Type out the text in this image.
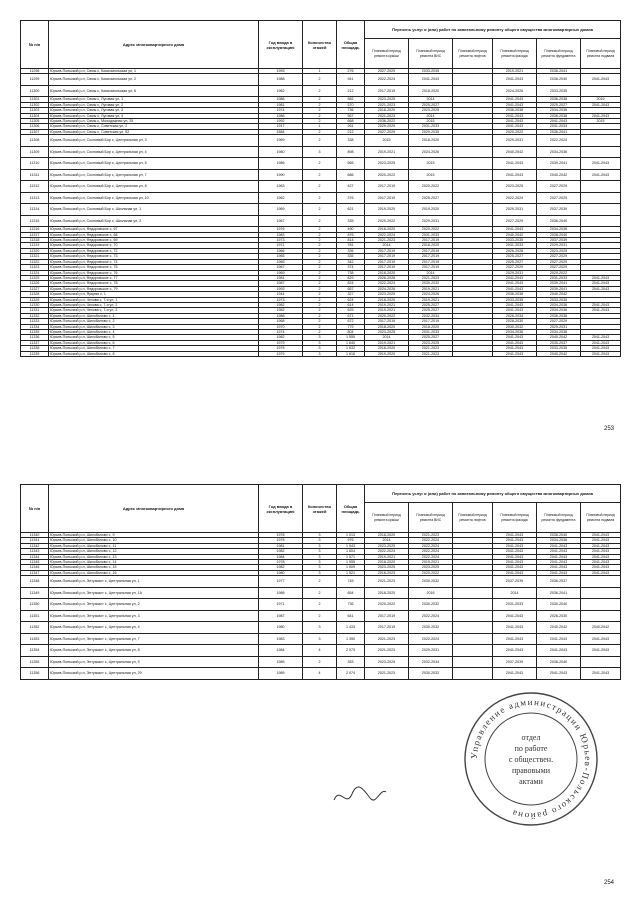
№ п/п	Адрес многоквартирного дома	Год ввода в эксплуатацию	Количество этажей	Общая площадь	Перечень услуг и (или) работ по капитальному ремонту общего имущества многоквартирных домов					
					Плановый период ремонта крыши	Плановый период ремонта ВИС	Плановый период ремонта лифтов	Плановый период ремонта фасада	Плановый период ремонта фундамента	Плановый период ремонта подвала
11298	Юрьев-Польский р-н, Симы с, Комсомольская ул, 1	1993	1	276	2027-2029	2033-2035		2019-2021	2036-2041	
11299	Юрьев-Польский р-н, Симы с, Комсомольская ул, 2	1988	2	941	2022-2024	2041-2043		2041-2043	2038-2040	2041-2043
11300	Юрьев-Польский р-н, Симы с, Комсомольская ул, 6	1962	2	212	2017-2019	2018-2020		2024-2026	2033-2035	
11301	Юрьев-Польский р-н, Симы с, Луговая ул, 1	1986	2	582	2023-2025	2014		2041-2043	2036-2038	2019
11302	Юрьев-Польский р-н, Симы с, Луговая ул, 2	1981	2	570	2021-2023	2025-2027		2041-2043	2025-2027	2041-2043
11303	Юрьев-Польский р-н, Симы с, Луговая ул, 3	1974	2	736	2018-2020	2023-2025		2036-2038	2034-2036	
11304	Юрьев-Польский р-н, Симы с, Луговая ул, 4	1986	2	567	2021-2023	2014		2041-2043	2036-2038	2041-2043
11305	Юрьев-Польский р-н, Симы с, Молодежная ул, 25	1992	2	668	2036-2022	2015		2041-2043	2041-2043	2015
11306	Юрьев-Польский р-н, Симы с, Советская ул, 2	1917	1	261	2029-2025	2031-2033		2041-2043	2031-2033	
11307	Юрьев-Польский р-н, Симы с, Советская ул, 52	1884	2	212	2027-2029	2029-2035		2020-2022	2036-2041	
11308	Юрьев-Польский р-н, Сосновый Бор с, Центральная ул, 3	1969	2	338	2015	2018-2020		2029-2031	2022-2024	
11309	Юрьев-Польский р-н, Сосновый Бор с, Центральная ул, 4	1980	3	898	2019-2021	2024-2026		2040-2042	2034-2036	
11310	Юрьев-Польский р-н, Сосновый Бор с, Центральная ул, 5	1986	2	566	2023-2025	2015		2041-2043	2039-2041	2041-2043
11311	Юрьев-Польский р-н, Сосновый Бор с, Центральная ул, 7	1990	2	686	2020-2022	2015		2041-2043	2040-2042	2041-2043
11312	Юрьев-Польский р-н, Сосновый Бор с, Центральная ул, 8	1963	2	427	2017-2019	2020-2022		2023-2025	2027-2029	
11313	Юрьев-Польский р-н, Сосновый Бор с, Центральная ул, 10	1962	2	376	2017-2019	2025-2027		2022-2024	2027-2029	
11314	Юрьев-Польский р-н, Сосновый Бор с, Школьная ул, 1	1969	2	621	2019-2020	2019-2020		2029-2031	2037-2039	
11315	Юрьев-Польский р-н, Сосновый Бор с, Школьная ул, 2	1967	2	335	2020-2022	2029-2031		2027-2029	2036-2040	
11316	Юрьев-Польский р-н, Федоровское с, 67	1976	2	490	2018-2020	2020-2022		2041-2043	2034-2036	
11317	Юрьев-Польский р-н, Федоровское с, 68	1983	2	876	2022-2024	2031-2033		2040-2042	2038-2040	
11318	Юрьев-Польский р-н, Федоровское с, 69	1973	2	814	2021-2023	2017-2019		2033-2035	2037-2039	
11319	Юрьев-Польский р-н, Федоровское с, 70	1971	2	781	2014	2018-2020		2031-2033	2029-2031	
11320	Юрьев-Польский р-н, Федоровское с, 72	1966	2	336	2017-2019	2017-2019		2026-2028	2023-2025	
11321	Юрьев-Польский р-н, Федоровское с, 73	1965	2	335	2017-2019	2017-2019		2025-2027	2027-2029	
11322	Юрьев-Польский р-н, Федоровское с, 74	1965	2	342	2017-2019	2017-2019		2025-2027	2027-2029	
11323	Юрьев-Польский р-н, Федоровское с, 75	1967	2	374	2017-2019	2017-2019		2027-2029	2027-2029	
11324	Юрьев-Польский р-н, Федоровское с, 76	1969	2	738	2018-2020	2014		2029-2031	2020-2022	
11325	Юрьев-Польский р-н, Федоровское с, 77	1981	2	829	2026-2028	2021-2023		2041-2043	2031-2033	2041-2043
11326	Юрьев-Польский р-н, Федоровское с, 78	1987	2	824	2022-2024	2030-2032		2041-2043	2039-2041	2041-2043
11327	Юрьев-Польский р-н, Федоровское с, 79	1993	2	657	2024-2026	2019-2021		2041-2043	2039-2041	2041-2043
11328	Юрьев-Польский р-н, Ярцево с, 1	1944	2	327	2023-2025	2024-2026		2036-2038	2040-2042	
11329	Юрьев-Польский р-н, Чехова с, 7-я ул, 1	1973	2	624	2018-2020	2019-2021		2033-2035	2033-2035	
11330	Юрьев-Польский р-н, Чехова с, 7-я ул, 2	1982	2	614	2019-2021	2025-2027		2041-2043	2034-2036	2041-2043
11331	Юрьев-Польский р-н, Чехова с, 7-я ул, 3	1982	2	625	2019-2021	2025-2027		2041-2043	2034-2036	2041-2043
11332	Юрьев-Польский р-н, Шихобалово с, 1	1986	2	671	2020-2022	2032-2034		2026-2034	2036-2038	
11333	Юрьев-Польский р-н, Шихобалово с, 2	1968	2	672	2017-2019	2017-2019		2028-2030	2027-2029	
11334	Юрьев-Польский р-н, Шихобалово с, 3	1970	2	779	2018-2020	2018-2020		2030-2032	2029-2031	
11335	Юрьев-Польский р-н, Шихобалово с, 4	1974	2	804	2023-2025	2031-2033		2034-2036	2034-2036	
11336	Юрьев-Польский р-н, Шихобалово с, 5	1982	3	1 555	2014	2025-2027		2041-2043	2040-2042	2041-2043
11337	Юрьев-Польский р-н, Шихобалово с, 6	1979	3	1 640	2019-2021	2023-2025		2041-2043	2035-2037	2041-2043
11338	Юрьев-Польский р-н, Шихобалово с, 7	1978	3	1 632	2018-2020	2021-2023		2041-2043	2033-2035	2041-2043
11339	Юрьев-Польский р-н, Шихобалово с, 8	1979	3	1 616	2019-2020	2021-2023		2041-2043	2040-2042	2041-2043
253
№ п/п	Адрес многоквартирного дома	Год ввода в эксплуатацию	Количество этажей	Общая площадь	Перечень услуг и (или) работ по капитальному ремонту общего имущества многоквартирных домов					
					Плановый период ремонта крыши	Плановый период ремонта ВИС	Плановый период ремонта лифтов	Плановый период ремонта фасада	Плановый период ремонта фундамента	Плановый период ремонта подвала
11340	Юрьев-Польский р-н, Шихобалово с, 9	1978	3	1 013	2018-2020	2021-2023		2041-2043	2038-2040	2041-2043
11341	Юрьев-Польский р-н, Шихобалово с, 10	1978	3	976	2014	2022-2024		2041-2043	2034-2036	2041-2043
11342	Юрьев-Польский р-н, Шихобалово с, 11	1981	3	1 543	2023-2025	2022-2024		2041-2043	2041-2043	2041-2043
11343	Юрьев-Польский р-н, Шихобалово с, 12	1982	3	1 604	2022-2024	2022-2024		2041-2043	2041-2043	2041-2043
11344	Юрьев-Польский р-н, Шихобалово с, 13	1984	3	1 571	2019-2021	2022-2024		2041-2043	2041-2043	2041-2043
11345	Юрьев-Польский р-н, Шихобалово с, 14	1978	3	1 555	2018-2020	2019-2021		2041-2043	2041-2043	2041-2043
11346	Юрьев-Польский р-н, Шихобалово с, 15	1982	3	1 509	2023-2025	2023-2025		2041-2043	2041-2043	2041-2043
11347	Юрьев-Польский р-н, Шихобалово с, 16	1980	3	1 521	2016-2023	2020-2022		2041-2043	2041-2043	2041-2043
11348	Юрьев-Польский р-н, Энтузиаст с, Центральная ул, 1	1977	2	745	2021-2023	2030-2032		2037-2039	2036-2037	
11349	Юрьев-Польский р-н, Энтузиаст с, Центральная ул, 1А	1988	2	654	2018-2020	2016		2014	2036-2041	
11350	Юрьев-Польский р-н, Энтузиаст с, Центральная ул, 2	1971	2	736	2020-2022	2030-2032		2031-2033	2030-2040	
11351	Юрьев-Польский р-н, Энтузиаст с, Центральная ул, 3	1987	2	641	2017-2019	2022-2024		2041-2043	2026-2030	
11352	Юрьев-Польский р-н, Энтузиаст с, Центральная ул, 4	1980	3	1 433	2017-2019	2030-2032		2041-2043	2040-2042	2040-2042
11353	Юрьев-Польский р-н, Энтузиаст с, Центральная ул, 7	1983	3	1 390	2021-2023	2022-2024		2041-2043	2041-2043	2041-2043
11354	Юрьев-Польский р-н, Энтузиаст с, Центральная ул, 8	1984	4	2 073	2021-2023	2029-2031		2041-2043	2041-2043	2041-2043
11355	Юрьев-Польский р-н, Энтузиаст с, Центральная ул, 9	1985	2	353	2023-2025	2032-2034		2037-2039	2038-2040	
11356	Юрьев-Польский р-н, Энтузиаст с, Центральная ул, 29	1989	4	2 074	2021-2023	2030-2032		2041-2043	2041-2043	2041-2043
254
Управление администрации Юрьев-Польского района
отдел
по работе
с обществен.
правовыми
актами
